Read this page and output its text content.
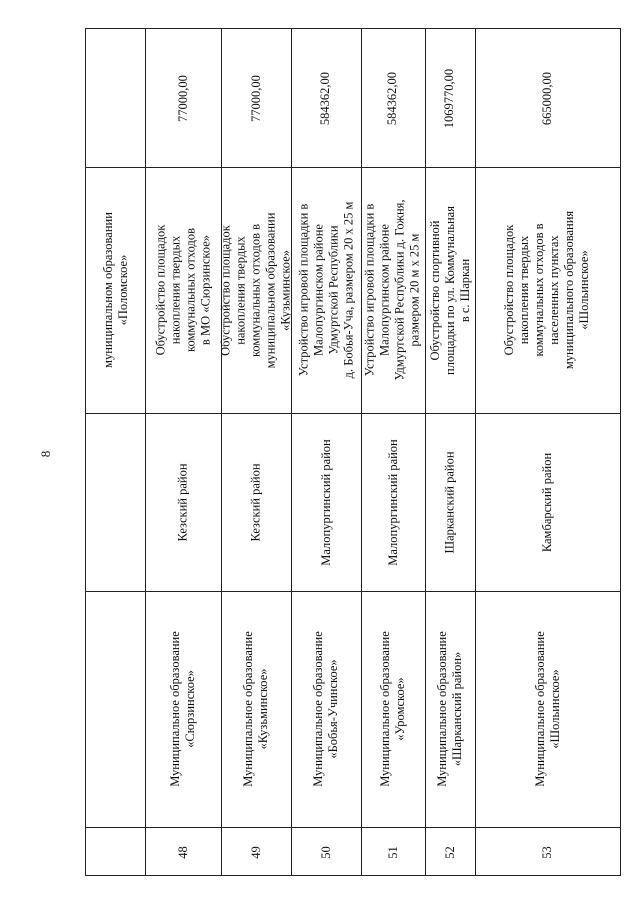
8
муниципальном образовании
«Поломское»
48
Муниципальное образование
«Сюрзинское»
Кезский район
Обустройство площадок
накопления твердых
коммунальных отходов
в МО «Сюрзинское»
77000,00
49
Муниципальное образование
«Кузьминское»
Кезский район
Обустройство площадок
накопления твердых
коммунальных отходов в
муниципальном образовании
«Кузьминское»
77000,00
50
Муниципальное образование
«Бобья-Учинское»
Малопургинский район
Устройство игровой площадки в
Малопургинском районе
Удмуртской Республики
д. Бобья-Уча, размером 20 х 25 м
584362,00
51
Муниципальное образование
«Уромское»
Малопургинский район
Устройство игровой площадки в
Малопургинском районе
Удмуртской Республики д. Гожня,
размером 20 м х 25 м
584362,00
52
Муниципальное образование
«Шарканский район»
Шарканский район
Обустройство спортивной
площадки по ул. Коммунальная
в с. Шаркан
1069770,00
53
Муниципальное образование
«Шольинское»
Камбарский район
Обустройство площадок
накопления твердых
коммунальных отходов в
населенных пунктах
муниципального образования
«Шольинское»
665000,00
